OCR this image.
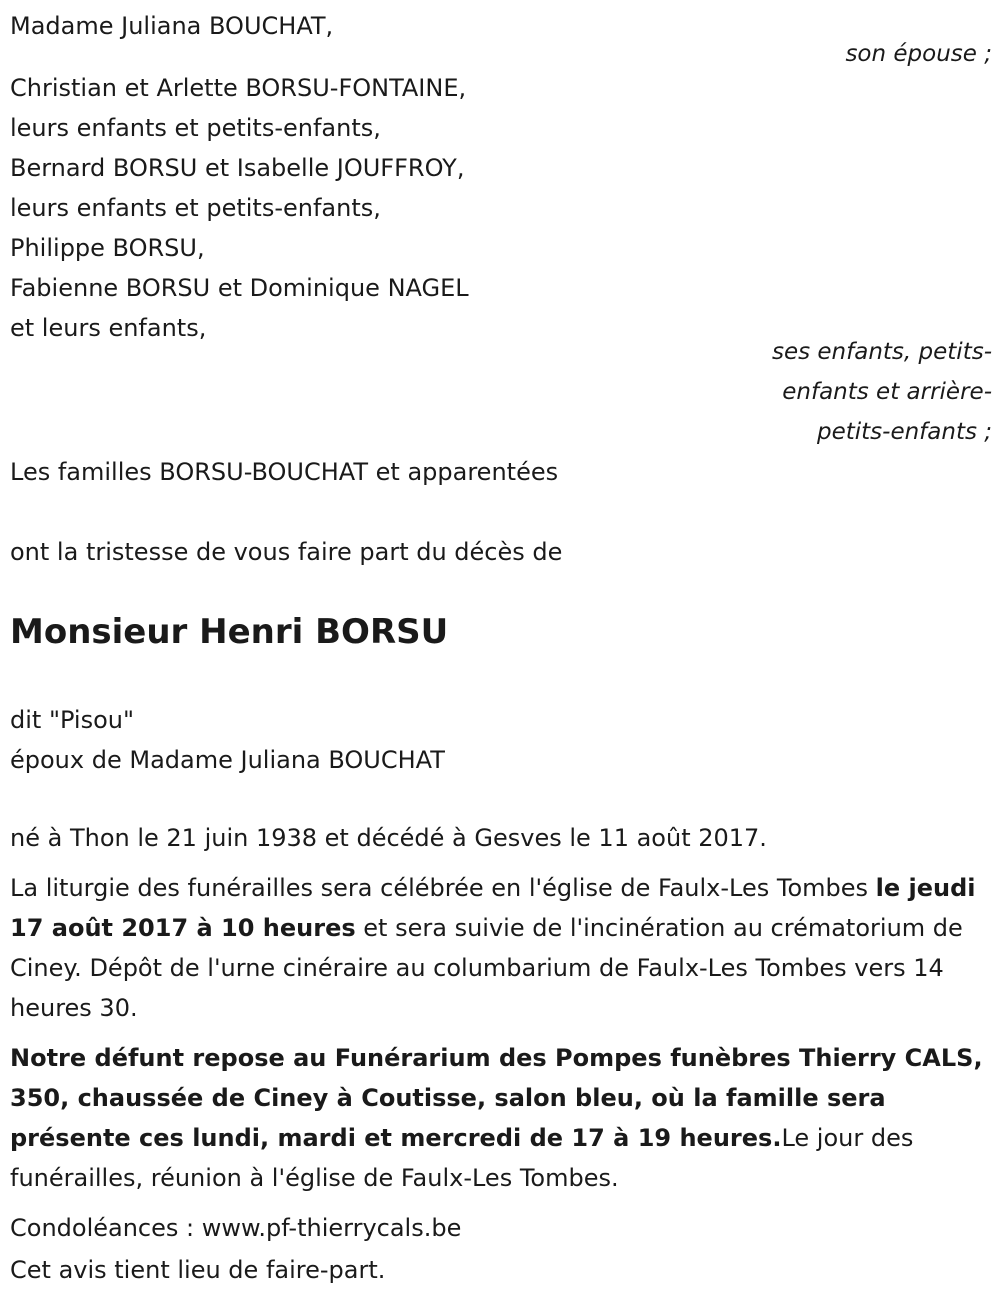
Madame Juliana BOUCHAT,

son épouse ;

Christian et Arlette BORSU-FONTAINE,

leurs enfants et petits-enfants,

Bernard BORSU et Isabelle JOUFFROY,

leurs enfants et petits-enfants,

Philippe BORSU,

Fabienne BORSU et Dominique NAGEL

et leurs enfants,

ses enfants, petits-

enfants et arrière-

petits-enfants ;

Les familles BORSU-BOUCHAT et apparentées

ont la tristesse de vous faire part du décès de

Monsieur Henri BORSU

dit "Pisou"

époux de Madame Juliana BOUCHAT

né à Thon le 21 juin 1938 et décédé à Gesves le 11 août 2017.

La liturgie des funérailles sera célébrée en l'église de Faulx-Les Tombes le jeudi 17 août 2017 à 10 heures et sera suivie de l'incinération au crématorium de Ciney. Dépôt de l'urne cinéraire au columbarium de Faulx-Les Tombes vers 14 heures 30.

Notre défunt repose au Funérarium des Pompes funèbres Thierry CALS, 350, chaussée de Ciney à Coutisse, salon bleu, où la famille sera présente ces lundi, mardi et mercredi de 17 à 19 heures.Le jour des funérailles, réunion à l'église de Faulx-Les Tombes.

Condoléances : www.pf-thierrycals.be

Cet avis tient lieu de faire-part.
